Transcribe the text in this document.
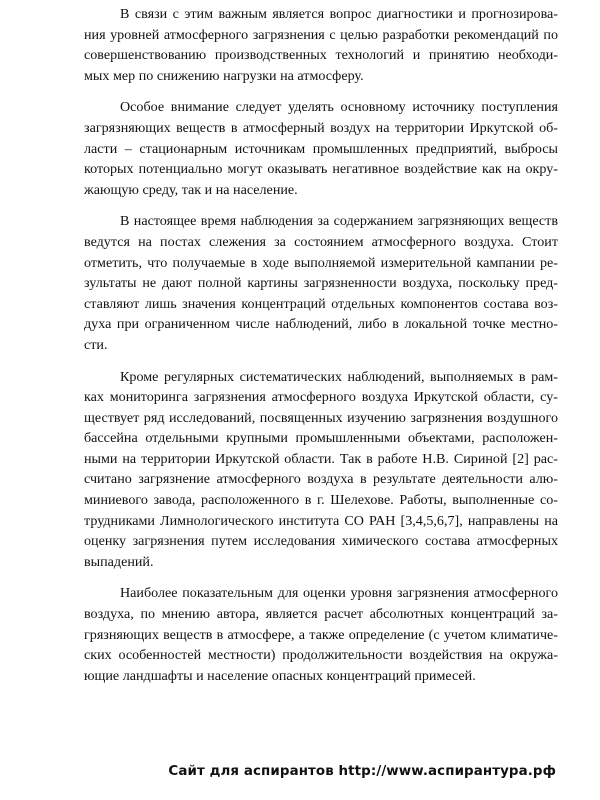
В связи с этим важным является вопрос диагностики и прогнозирова-
ния уровней атмосферного загрязнения с целью разработки рекомендаций по
совершенствованию производственных технологий и принятию необходи-
мых мер по снижению нагрузки на атмосферу.
Особое внимание следует уделять основному источнику поступления
загрязняющих веществ в атмосферный воздух на территории Иркутской об-
ласти – стационарным источникам промышленных предприятий, выбросы
которых потенциально могут оказывать негативное воздействие как на окру-
жающую среду, так и на население.
В настоящее время наблюдения за содержанием загрязняющих веществ
ведутся на постах слежения за состоянием атмосферного воздуха. Стоит
отметить, что получаемые в ходе выполняемой измерительной кампании ре-
зультаты не дают полной картины загрязненности воздуха, поскольку пред-
ставляют лишь значения концентраций отдельных компонентов состава воз-
духа при ограниченном числе наблюдений, либо в локальной точке местно-
сти.
Кроме регулярных систематических наблюдений, выполняемых в рам-
ках мониторинга загрязнения атмосферного воздуха Иркутской области, су-
ществует ряд исследований, посвященных изучению загрязнения воздушного
бассейна отдельными крупными промышленными объектами, расположен-
ными на территории Иркутской области. Так в работе Н.В. Сириной [2] рас-
считано загрязнение атмосферного воздуха в результате деятельности алю-
миниевого завода, расположенного в г. Шелехове. Работы, выполненные со-
трудниками Лимнологического института СО РАН [3,4,5,6,7], направлены на
оценку загрязнения путем исследования химического состава атмосферных
выпадений.
Наиболее показательным для оценки уровня загрязнения атмосферного
воздуха, по мнению автора, является расчет абсолютных концентраций за-
грязняющих веществ в атмосфере, а также определение (с учетом климатиче-
ских особенностей местности) продолжительности воздействия на окружа-
ющие ландшафты и население опасных концентраций примесей.
Сайт для аспирантов http://www.аспирантура.рф
